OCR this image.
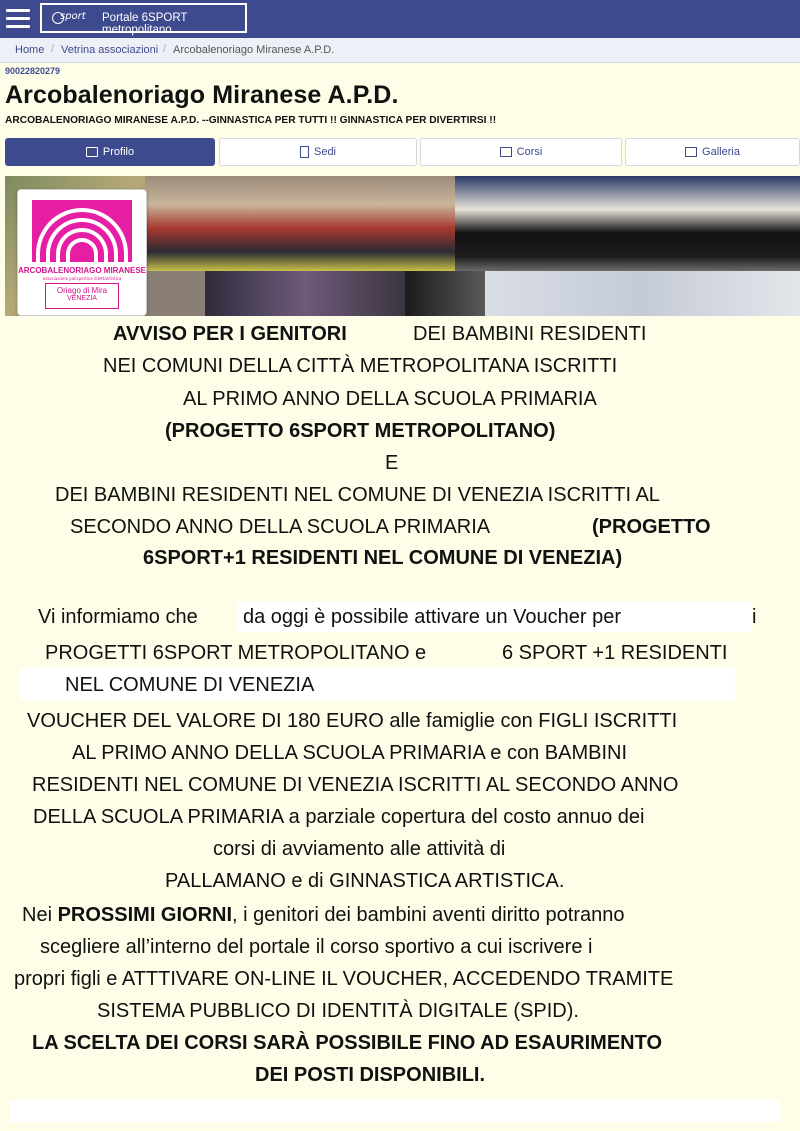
sport Portale 6SPORT metropolitano
Home / Vetrina associazioni / Arcobalenoriago Miranese A.P.D.
90022820279
Arcobalenoriago Miranese A.P.D.
ARCOBALENORIAGO MIRANESE A.P.D. --GINNASTICA PER TUTTI !! GINNASTICA PER DIVERTIRSI !!
Profilo	Sedi	Corsi	Galleria
ARCOBALENORIAGO MIRANESE
associazione polisportiva dilettantistica
Oriago di Mira
VENEZIA
AVVISO PER I GENITORI	DEI BAMBINI RESIDENTI
NEI COMUNI DELLA CITTÀ METROPOLITANA ISCRITTI
AL PRIMO ANNO DELLA SCUOLA PRIMARIA
(PROGETTO 6SPORT METROPOLITANO)
E
DEI BAMBINI RESIDENTI NEL COMUNE DI VENEZIA ISCRITTI AL
SECONDO ANNO DELLA SCUOLA PRIMARIA	(PROGETTO
6SPORT+1 RESIDENTI NEL COMUNE DI VENEZIA)
Vi informiamo che da oggi è possibile attivare un Voucher per	i
PROGETTI 6SPORT METROPOLITANO e	6 SPORT +1 RESIDENTI
NEL COMUNE DI VENEZIA
VOUCHER DEL VALORE DI 180 EURO alle famiglie con FIGLI ISCRITTI
AL PRIMO ANNO DELLA SCUOLA PRIMARIA e con BAMBINI
RESIDENTI NEL COMUNE DI VENEZIA ISCRITTI AL SECONDO ANNO
DELLA SCUOLA PRIMARIA a parziale copertura del costo annuo dei
corsi di avviamento alle attività di
PALLAMANO e di GINNASTICA ARTISTICA.
Nei PROSSIMI GIORNI, i genitori dei bambini aventi diritto potranno
scegliere all’interno del portale il corso sportivo a cui iscrivere i
propri figli e ATTTIVARE ON-LINE IL VOUCHER, ACCEDENDO TRAMITE
SISTEMA PUBBLICO DI IDENTITÀ DIGITALE (SPID).
LA SCELTA DEI CORSI SARÀ POSSIBILE FINO AD ESAURIMENTO
DEI POSTI DISPONIBILI.
